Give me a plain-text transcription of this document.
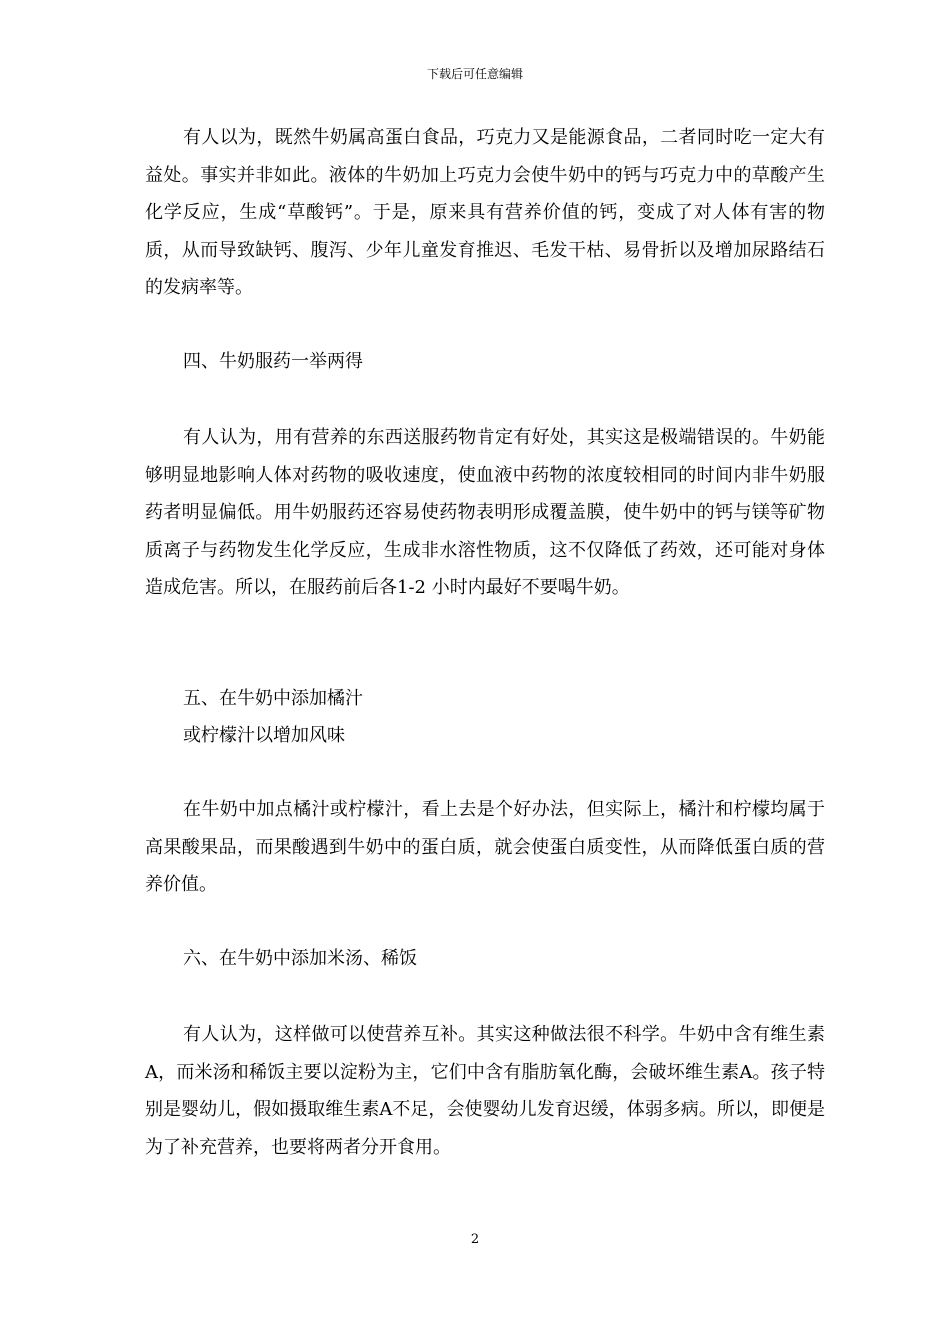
下载后可任意编辑

有人以为，既然牛奶属高蛋白食品，巧克力又是能源食品，二者同时吃一定大有益处。事实并非如此。液体的牛奶加上巧克力会使牛奶中的钙与巧克力中的草酸产生化学反应，生成“草酸钙”。于是，原来具有营养价值的钙，变成了对人体有害的物质，从而导致缺钙、腹泻、少年儿童发育推迟、毛发干枯、易骨折以及增加尿路结石的发病率等。

四、牛奶服药一举两得

有人认为，用有营养的东西送服药物肯定有好处，其实这是极端错误的。牛奶能够明显地影响人体对药物的吸收速度，使血液中药物的浓度较相同的时间内非牛奶服药者明显偏低。用牛奶服药还容易使药物表明形成覆盖膜，使牛奶中的钙与镁等矿物质离子与药物发生化学反应，生成非水溶性物质，这不仅降低了药效，还可能对身体造成危害。所以，在服药前后各1-2 小时内最好不要喝牛奶。

五、在牛奶中添加橘汁

或柠檬汁以增加风味

在牛奶中加点橘汁或柠檬汁，看上去是个好办法，但实际上，橘汁和柠檬均属于高果酸果品，而果酸遇到牛奶中的蛋白质，就会使蛋白质变性，从而降低蛋白质的营养价值。

六、在牛奶中添加米汤、稀饭

有人认为，这样做可以使营养互补。其实这种做法很不科学。牛奶中含有维生素A，而米汤和稀饭主要以淀粉为主，它们中含有脂肪氧化酶，会破坏维生素A。孩子特别是婴幼儿，假如摄取维生素A不足，会使婴幼儿发育迟缓，体弱多病。所以，即便是为了补充营养，也要将两者分开食用。

2
